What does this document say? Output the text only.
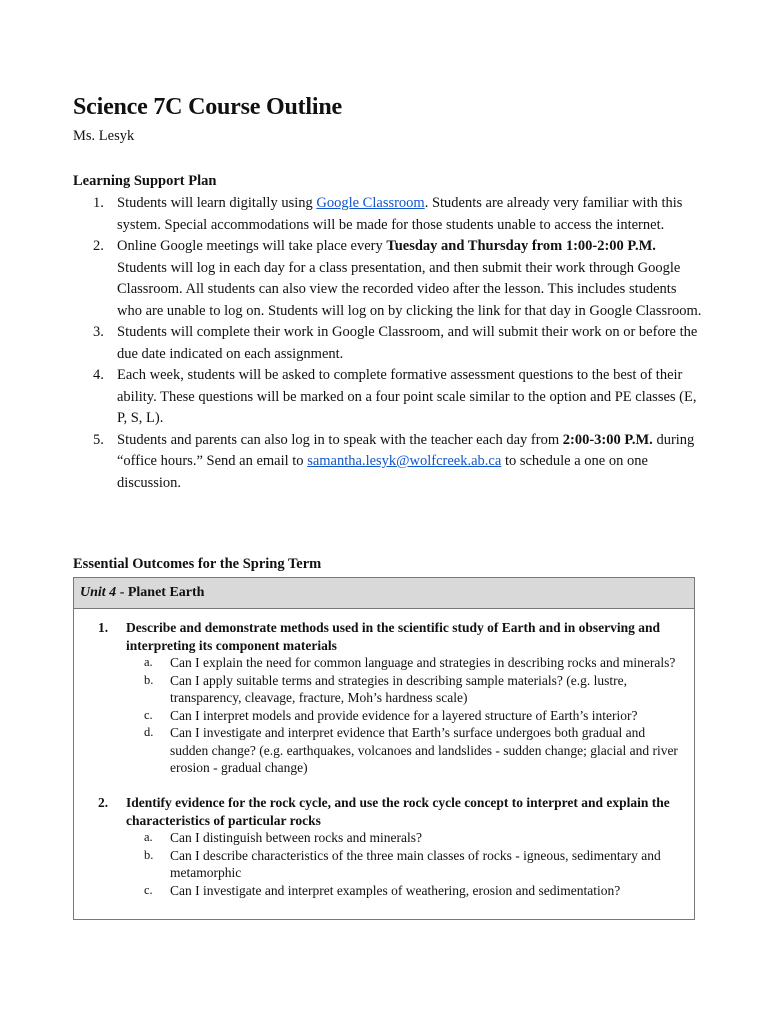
Science 7C Course Outline
Ms. Lesyk
Learning Support Plan
1. Students will learn digitally using Google Classroom. Students are already very familiar with this system. Special accommodations will be made for those students unable to access the internet.
2. Online Google meetings will take place every Tuesday and Thursday from 1:00-2:00 P.M. Students will log in each day for a class presentation, and then submit their work through Google Classroom. All students can also view the recorded video after the lesson. This includes students who are unable to log on. Students will log on by clicking the link for that day in Google Classroom.
3. Students will complete their work in Google Classroom, and will submit their work on or before the due date indicated on each assignment.
4. Each week, students will be asked to complete formative assessment questions to the best of their ability. These questions will be marked on a four point scale similar to the option and PE classes (E, P, S, L).
5. Students and parents can also log in to speak with the teacher each day from 2:00-3:00 P.M. during “office hours.” Send an email to samantha.lesyk@wolfcreek.ab.ca to schedule a one on one discussion.
Essential Outcomes for the Spring Term
Unit 4 - Planet Earth
1. Describe and demonstrate methods used in the scientific study of Earth and in observing and interpreting its component materials
a. Can I explain the need for common language and strategies in describing rocks and minerals?
b. Can I apply suitable terms and strategies in describing sample materials? (e.g. lustre, transparency, cleavage, fracture, Moh’s hardness scale)
c. Can I interpret models and provide evidence for a layered structure of Earth’s interior?
d. Can I investigate and interpret evidence that Earth’s surface undergoes both gradual and sudden change? (e.g. earthquakes, volcanoes and landslides - sudden change; glacial and river erosion - gradual change)
2. Identify evidence for the rock cycle, and use the rock cycle concept to interpret and explain the characteristics of particular rocks
a. Can I distinguish between rocks and minerals?
b. Can I describe characteristics of the three main classes of rocks - igneous, sedimentary and metamorphic
c. Can I investigate and interpret examples of weathering, erosion and sedimentation?
